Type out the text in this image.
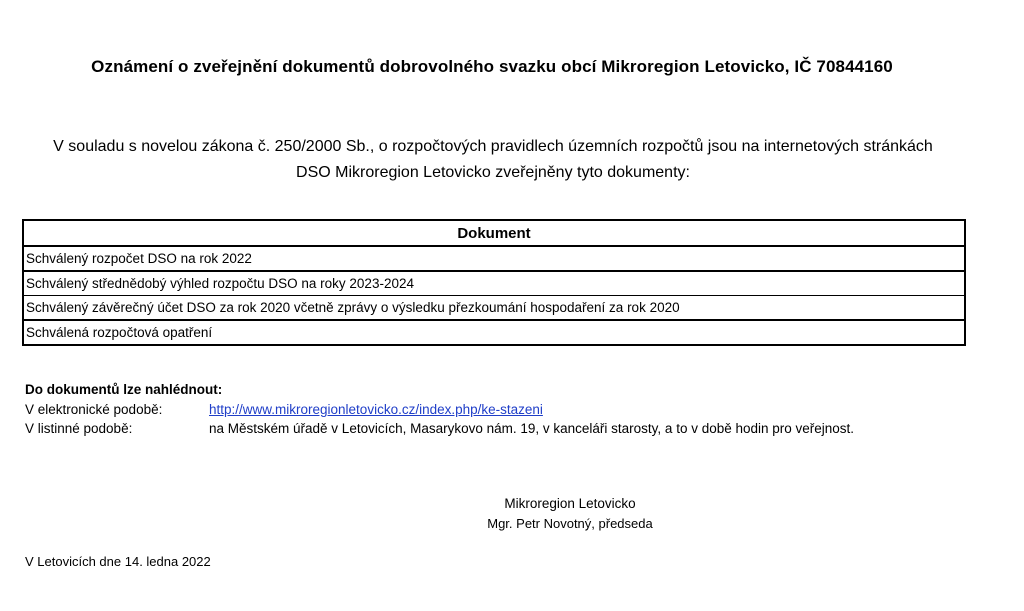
Oznámení o zveřejnění dokumentů dobrovolného svazku obcí Mikroregion Letovicko, IČ 70844160
V souladu s novelou zákona č. 250/2000 Sb., o rozpočtových pravidlech územních rozpočtů jsou na internetových stránkách
DSO Mikroregion Letovicko zveřejněny tyto dokumenty:
Dokument
Schválený rozpočet DSO na rok 2022
Schválený střednědobý výhled rozpočtu DSO na roky 2023-2024
Schválený závěrečný účet DSO za rok 2020 včetně zprávy o výsledku přezkoumání hospodaření za rok 2020
Schválená rozpočtová opatření
Do dokumentů lze nahlédnout:
V elektronické podobě:	http://www.mikroregionletovicko.cz/index.php/ke-stazeni
V listinné podobě:	na Městském úřadě v Letovicích, Masarykovo nám. 19, v kanceláři starosty, a to v době hodin pro veřejnost.
Mikroregion Letovicko
Mgr. Petr Novotný, předseda
V Letovicích dne 14. ledna 2022
